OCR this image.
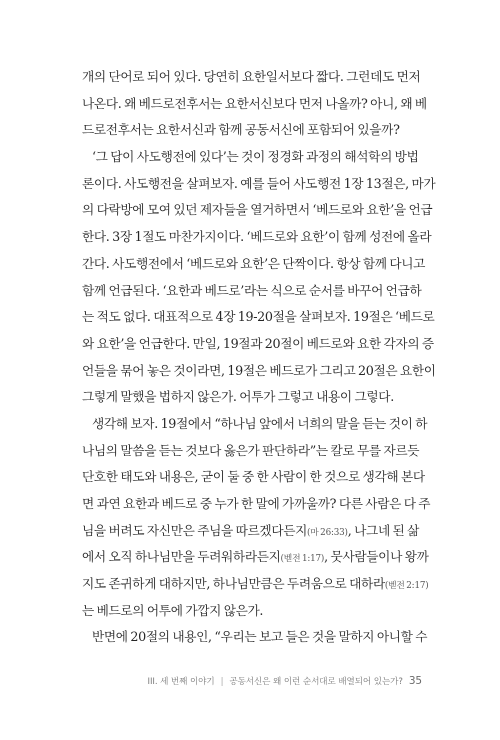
개의 단어로 되어 있다. 당연히 요한일서보다 짧다. 그런데도 먼저
나온다. 왜 베드로전후서는 요한서신보다 먼저 나올까? 아니, 왜 베
드로전후서는 요한서신과 함께 공동서신에 포함되어 있을까?
‘그 답이 사도행전에 있다’는 것이 정경화 과정의 해석학의 방법
론이다. 사도행전을 살펴보자. 예를 들어 사도행전 1장 13절은, 마가
의 다락방에 모여 있던 제자들을 열거하면서 ‘베드로와 요한’을 언급
한다. 3장 1절도 마찬가지이다. ‘베드로와 요한’이 함께 성전에 올라
간다. 사도행전에서 ‘베드로와 요한’은 단짝이다. 항상 함께 다니고
함께 언급된다. ‘요한과 베드로’라는 식으로 순서를 바꾸어 언급하
는 적도 없다. 대표적으로 4장 19-20절을 살펴보자. 19절은 ‘베드로
와 요한’을 언급한다. 만일, 19절과 20절이 베드로와 요한 각자의 증
언들을 묶어 놓은 것이라면, 19절은 베드로가 그리고 20절은 요한이
그렇게 말했을 법하지 않은가. 어투가 그렇고 내용이 그렇다.
생각해 보자. 19절에서 “하나님 앞에서 너희의 말을 듣는 것이 하
나님의 말씀을 듣는 것보다 옳은가 판단하라”는 칼로 무를 자르듯
단호한 태도와 내용은, 굳이 둘 중 한 사람이 한 것으로 생각해 본다
면 과연 요한과 베드로 중 누가 한 말에 가까울까? 다른 사람은 다 주
님을 버려도 자신만은 주님을 따르겠다든지(마 26:33), 나그네 된 삶
에서 오직 하나님만을 두려워하라든지(벧전 1:17), 뭇사람들이나 왕까
지도 존귀하게 대하지만, 하나님만큼은 두려움으로 대하라(벧전 2:17)
는 베드로의 어투에 가깝지 않은가.
반면에 20절의 내용인, “우리는 보고 들은 것을 말하지 아니할 수
III. 세 번째 이야기 | 공동서신은 왜 이런 순서대로 배열되어 있는가? 35
